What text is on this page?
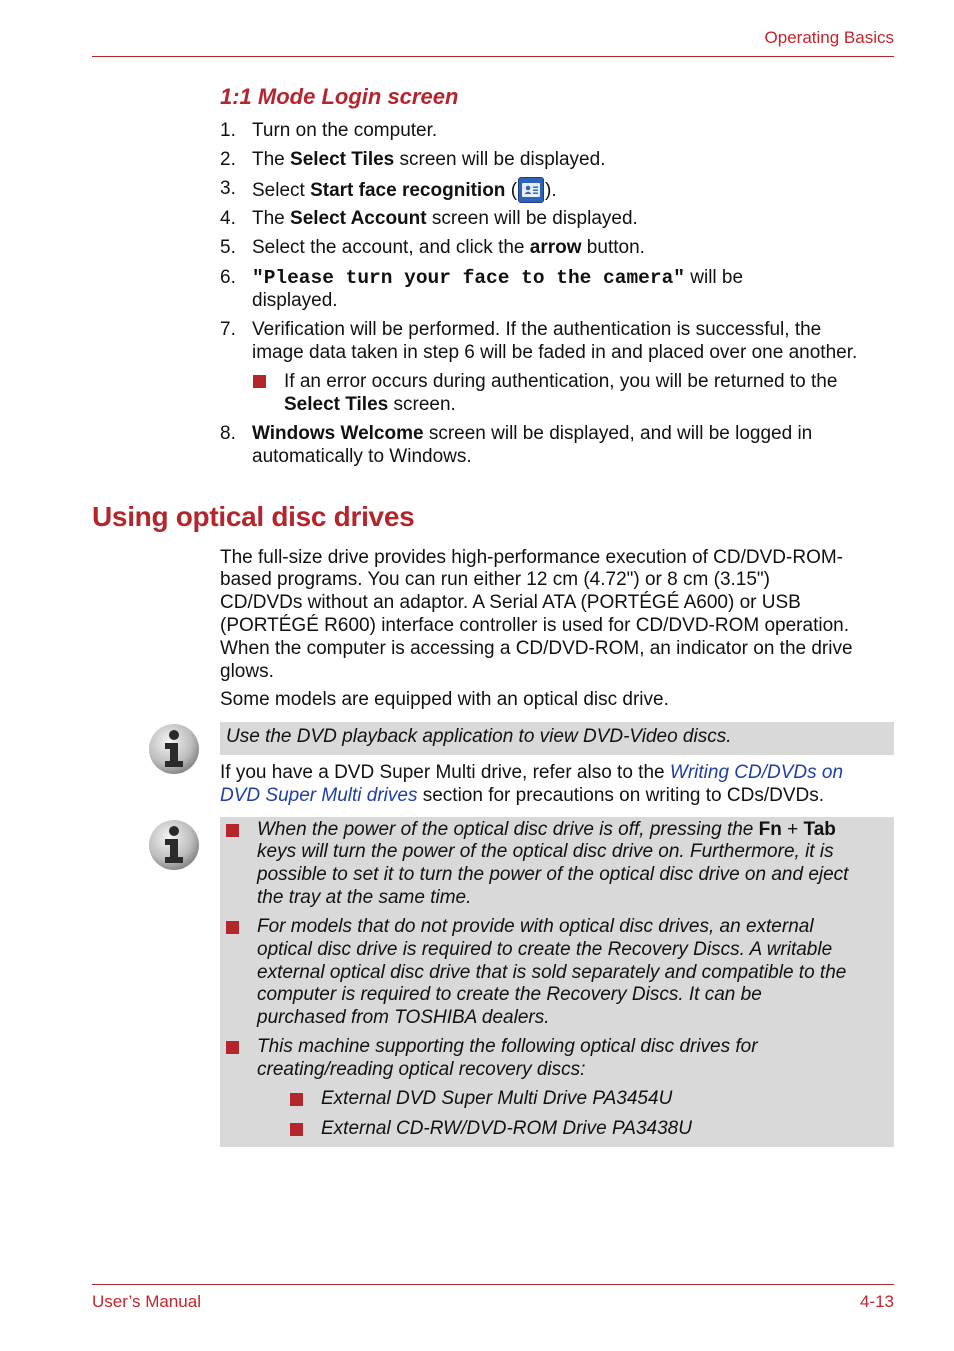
Operating Basics
1:1 Mode Login screen
1. Turn on the computer.
2. The Select Tiles screen will be displayed.
3. Select Start face recognition ( ).
4. The Select Account screen will be displayed.
5. Select the account, and click the arrow button.
6. "Please turn your face to the camera" will be
displayed.
7. Verification will be performed. If the authentication is successful, the
image data taken in step 6 will be faded in and placed over one another.
If an error occurs during authentication, you will be returned to the
Select Tiles screen.
8. Windows Welcome screen will be displayed, and will be logged in
automatically to Windows.
Using optical disc drives
The full-size drive provides high-performance execution of CD/DVD-ROM-
based programs. You can run either 12 cm (4.72") or 8 cm (3.15")
CD/DVDs without an adaptor. A Serial ATA (PORTÉGÉ A600) or USB
(PORTÉGÉ R600) interface controller is used for CD/DVD-ROM operation.
When the computer is accessing a CD/DVD-ROM, an indicator on the drive
glows.
Some models are equipped with an optical disc drive.
Use the DVD playback application to view DVD-Video discs.
If you have a DVD Super Multi drive, refer also to the Writing CD/DVDs on
DVD Super Multi drives section for precautions on writing to CDs/DVDs.
When the power of the optical disc drive is off, pressing the Fn + Tab
keys will turn the power of the optical disc drive on. Furthermore, it is
possible to set it to turn the power of the optical disc drive on and eject
the tray at the same time.
For models that do not provide with optical disc drives, an external
optical disc drive is required to create the Recovery Discs. A writable
external optical disc drive that is sold separately and compatible to the
computer is required to create the Recovery Discs. It can be
purchased from TOSHIBA dealers.
This machine supporting the following optical disc drives for
creating/reading optical recovery discs:
External DVD Super Multi Drive PA3454U
External CD-RW/DVD-ROM Drive PA3438U
User’s Manual	4-13
